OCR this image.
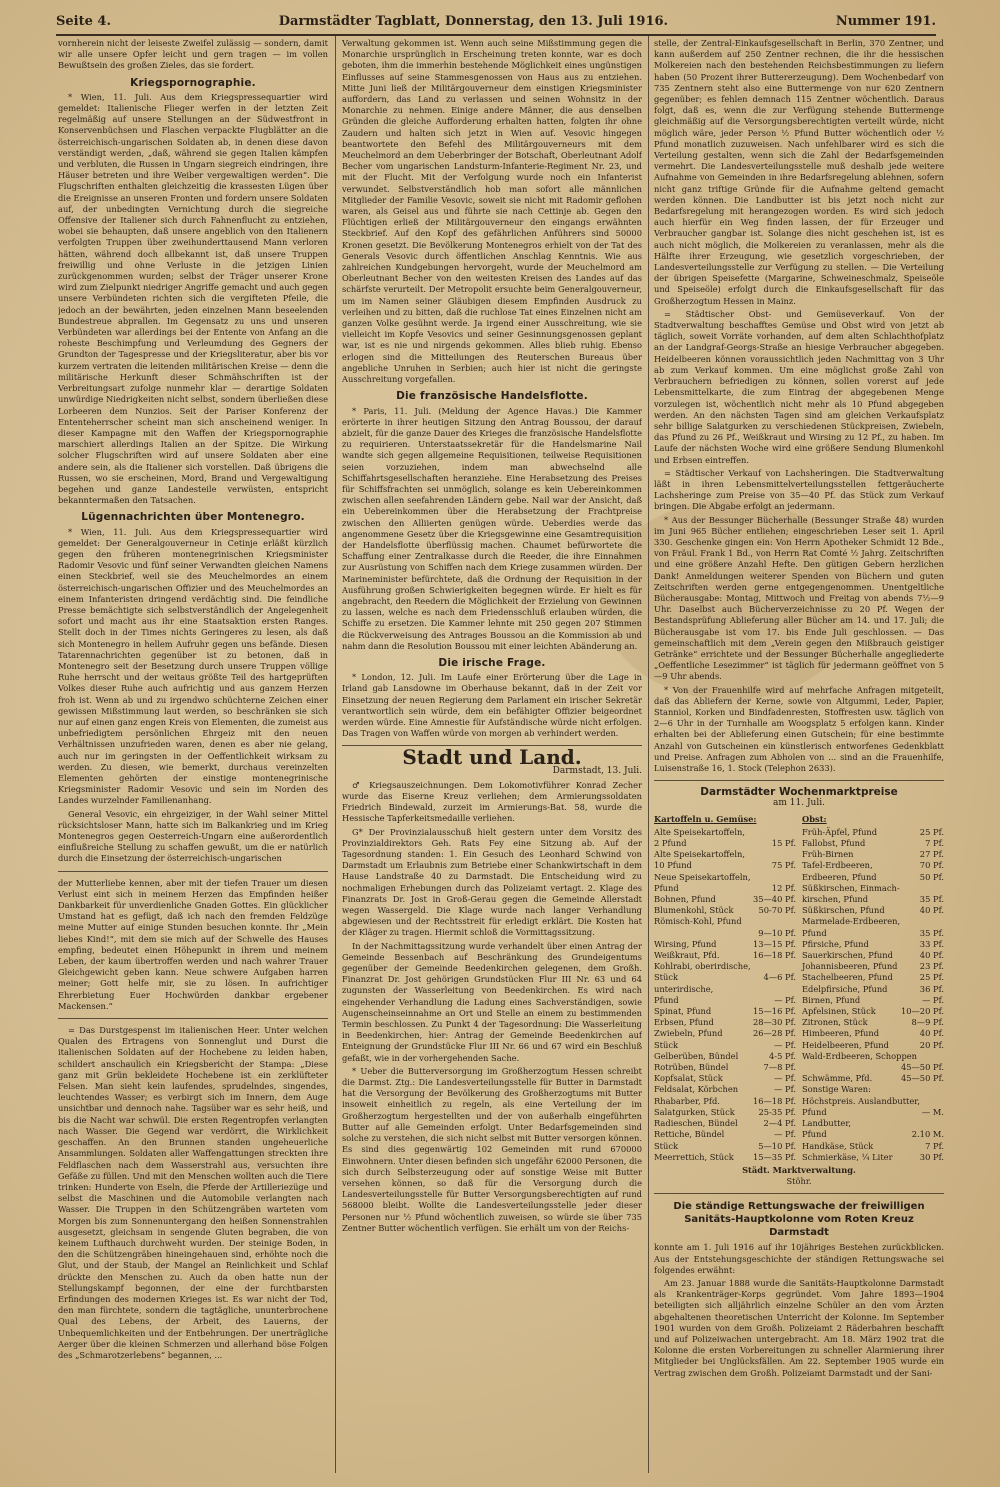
Seite 4.	Darmstädter Tagblatt, Donnerstag, den 13. Juli 1916.	Nummer 191.

vornherein nicht der leiseste Zweifel zulässig — sondern, damit wir alle unsere Opfer leicht und gern tragen — im vollen Bewußtsein des großen Zieles, das sie fordert.

Kriegspornographie.

* Wien, 11. Juli. Aus dem Kriegspressequartier wird gemeldet: Italienische Flieger werfen in der letzten Zeit regelmäßig auf unsere Stellungen an der Südwestfront in Konservenbüchsen und Flaschen verpackte Flugblätter an die österreichisch-ungarischen Soldaten ab, in denen diese davon verständigt werden, „daß, während sie gegen Italien kämpfen und verbluten, die Russen in Ungarn siegreich eindringen, ihre Häuser betreten und ihre Weiber vergewaltigen werden“. Die Flugschriften enthalten gleichzeitig die krassesten Lügen über die Ereignisse an unseren Fronten und fordern unsere Soldaten auf, der unbedingten Vernichtung durch die siegreiche Offensive der Italiener sich durch Fahnenflucht zu entziehen, wobei sie behaupten, daß unsere angeblich von den Italienern verfolgten Truppen über zweihunderttausend Mann verloren hätten, während doch allbekannt ist, daß unsere Truppen freiwillig und ohne Verluste in die jetzigen Linien zurückgenommen wurden; selbst der Träger unserer Krone wird zum Zielpunkt niedriger Angriffe gemacht und auch gegen unsere Verbündeten richten sich die vergifteten Pfeile, die jedoch an der bewährten, jeden einzelnen Mann beseelenden Bundestreue abprallen. Im Gegensatz zu uns und unseren Verbündeten war allerdings bei der Entente von Anfang an die roheste Beschimpfung und Verleumdung des Gegners der Grundton der Tagespresse und der Kriegsliteratur, aber bis vor kurzem vertraten die leitenden militärischen Kreise — denn die militärische Herkunft dieser Schmähschriften ist der Verbreitungsart zufolge nunmehr klar — derartige Soldaten unwürdige Niedrigkeiten nicht selbst, sondern überließen diese Lorbeeren dem Nunzios. Seit der Pariser Konferenz der Ententeherrscher scheint man sich anscheinend weniger. In dieser Kampagne mit den Waffen der Kriegspornographie marschiert allerdings Italien an der Spitze. Die Wirkung solcher Flugschriften wird auf unsere Soldaten aber eine andere sein, als die Italiener sich vorstellen. Daß übrigens die Russen, wo sie erscheinen, Mord, Brand und Vergewaltigung begehen und ganze Landesteile verwüsten, entspricht bekanntermaßen den Tatsachen.

Lügennachrichten über Montenegro.

* Wien, 11. Juli. Aus dem Kriegspressequartier wird gemeldet: Der Generalgouverneur in Cetinje erläßt kürzlich gegen den früheren montenegrinischen Kriegsminister Radomir Vesovic und fünf seiner Verwandten gleichen Namens einen Steckbrief, weil sie des Meuchelmordes an einem österreichisch-ungarischen Offizier und des Meuchelmordes an einem Infanteristen dringend verdächtig sind. Die feindliche Presse bemächtigte sich selbstverständlich der Angelegenheit sofort und macht aus ihr eine Staatsaktion ersten Ranges. Stellt doch in der Times nichts Geringeres zu lesen, als daß sich Montenegro in hellem Aufruhr gegen uns befände. Diesen Tatarennachrichten gegenüber ist zu betonen, daß in Montenegro seit der Besetzung durch unsere Truppen völlige Ruhe herrscht und der weitaus größte Teil des hartgeprüften Volkes dieser Ruhe auch aufrichtig und aus ganzem Herzen froh ist. Wenn ab und zu irgendwo schüchterne Zeichen einer gewissen Mißstimmung laut werden, so beschränken sie sich nur auf einen ganz engen Kreis von Elementen, die zumeist aus unbefriedigtem persönlichen Ehrgeiz mit den neuen Verhältnissen unzufrieden waren, denen es aber nie gelang, auch nur im geringsten in der Oeffentlichkeit wirksam zu werden. Zu diesen, wie bemerkt, durchaus vereinzelten Elementen gehörten der einstige montenegrinische Kriegsminister Radomir Vesovic und sein im Norden des Landes wurzelnder Familienanhang.

General Vesovic, ein ehrgeiziger, in der Wahl seiner Mittel rücksichtsloser Mann, hatte sich im Balkankrieg und im Krieg Montenegros gegen Oesterreich-Ungarn eine außerordentlich einflußreiche Stellung zu schaffen gewußt, um die er natürlich durch die Einsetzung der österreichisch-ungarischen

der Mutterliebe kennen, aber mit der tiefen Trauer um diesen Verlust eint sich in meinem Herzen das Empfinden heißer Dankbarkeit für unverdienliche Gnaden Gottes. Ein glücklicher Umstand hat es gefügt, daß ich nach den fremden Feldzüge meine Mutter auf einige Stunden besuchen konnte. Ihr „Mein liebes Kind!“, mit dem sie mich auf der Schwelle des Hauses empfing, bedeutet einen Höhepunkt in ihrem und meinem Leben, der kaum übertroffen werden und nach wahrer Trauer Gleichgewicht geben kann. Neue schwere Aufgaben harren meiner; Gott helfe mir, sie zu lösen. In aufrichtiger Ehrerbietung Euer Hochwürden dankbar ergebener Mackensen.“

= Das Durstgespenst im italienischen Heer. Unter welchen Qualen des Ertragens von Sonnenglut und Durst die italienischen Soldaten auf der Hochebene zu leiden haben, schildert anschaulich ein Kriegsbericht der Stampa: „Diese ganz mit Grün bekleidete Hochebene ist ein zerklüfteter Felsen. Man sieht kein laufendes, sprudelndes, singendes, leuchtendes Wasser; es verbirgt sich im Innern, dem Auge unsichtbar und dennoch nahe. Tagsüber war es sehr heiß, und bis die Nacht war schwül. Die ersten Regentropfen verlangten nach Wasser. Die Gegend war verdörrt, die Wirklichkeit geschaffen. An den Brunnen standen ungeheuerliche Ansammlungen. Soldaten aller Waffengattungen streckten ihre Feldflaschen nach dem Wasserstrahl aus, versuchten ihre Gefäße zu füllen. Und mit den Menschen wollten auch die Tiere trinken: Hunderte von Eseln, die Pferde der Artilleriezüge und selbst die Maschinen und die Automobile verlangten nach Wasser. Die Truppen in den Schützengräben warteten vom Morgen bis zum Sonnenuntergang den heißen Sonnenstrahlen ausgesetzt, gleichsam in sengende Gluten begraben, die von keinem Lufthauch durchweht wurden. Der steinige Boden, in den die Schützengräben hineingehauen sind, erhöhte noch die Glut, und der Staub, der Mangel an Reinlichkeit und Schlaf drückte den Menschen zu. Auch da oben hatte nun der Stellungskampf begonnen, der eine der furchtbarsten Erfindungen des modernen Krieges ist. Es war nicht der Tod, den man fürchtete, sondern die tagtägliche, ununterbrochene Qual des Lebens, der Arbeit, des Lauerns, der Unbequemlichkeiten und der Entbehrungen. Der unerträgliche Aerger über die kleinen Schmerzen und allerhand böse Folgen des „Schmarotzerlebens“ begannen, ...

Verwaltung gekommen ist. Wenn auch seine Mißstimmung gegen die Monarchie ursprünglich in Erscheinung treten konnte, war es doch geboten, ihm die immerhin bestehende Möglichkeit eines ungünstigen Einflusses auf seine Stammesgenossen von Haus aus zu entziehen. Mitte Juni ließ der Militärgouverneur dem einstigen Kriegsminister auffordern, das Land zu verlassen und seinen Wohnsitz in der Monarchie zu nehmen. Einige andere Männer, die aus denselben Gründen die gleiche Aufforderung erhalten hatten, folgten ihr ohne Zaudern und halten sich jetzt in Wien auf. Vesovic hingegen beantwortete den Befehl des Militärgouverneurs mit dem Meuchelmord an dem Ueberbringer der Botschaft, Oberleutnant Adolf Becher vom ungarischen Landsturm-Infanterie-Regiment Nr. 23, und mit der Flucht. Mit der Verfolgung wurde noch ein Infanterist verwundet. Selbstverständlich hob man sofort alle männlichen Mitglieder der Familie Vesovic, soweit sie nicht mit Radomir geflohen waren, als Geisel aus und führte sie nach Cettinje ab. Gegen den Flüchtigen erließ der Militärgouverneur den eingangs erwähnten Steckbrief. Auf den Kopf des gefährlichen Anführers sind 50000 Kronen gesetzt. Die Bevölkerung Montenegros erhielt von der Tat des Generals Vesovic durch öffentlichen Anschlag Kenntnis. Wie aus zahlreichen Kundgebungen hervorgeht, wurde der Meuchelmord am Oberleutnant Becher von den weitesten Kreisen des Landes auf das schärfste verurteilt. Der Metropolit ersuchte beim Generalgouverneur, um im Namen seiner Gläubigen diesem Empfinden Ausdruck zu verleihen und zu bitten, daß die ruchlose Tat eines Einzelnen nicht am ganzen Volke gesühnt werde. Ja irgend einer Ausschreitung, wie sie vielleicht im Kopfe Vesovics und seiner Gesinnungsgenossen geplant war, ist es nie und nirgends gekommen. Alles blieb ruhig. Ebenso erlogen sind die Mitteilungen des Reuterschen Bureaus über angebliche Unruhen in Serbien; auch hier ist nicht die geringste Ausschreitung vorgefallen.

Die französische Handelsflotte.

* Paris, 11. Juli. (Meldung der Agence Havas.) Die Kammer erörterte in ihrer heutigen Sitzung den Antrag Boussou, der darauf abzielt, für die ganze Dauer des Krieges die französische Handelsflotte zu requirieren. Unterstaatssekretär für die Handelsmarine Nail wandte sich gegen allgemeine Requisitionen, teilweise Requisitionen seien vorzuziehen, indem man abwechselnd alle Schiffahrtsgesellschaften heranziehe. Eine Herabsetzung des Preises für Schiffsfrachten sei unmöglich, solange es kein Uebereinkommen zwischen allen seefahrenden Ländern gebe. Nail war der Ansicht, daß ein Uebereinkommen über die Herabsetzung der Frachtpreise zwischen den Alliierten genügen würde. Ueberdies werde das angenommene Gesetz über die Kriegsgewinne eine Gesamtrequisition der Handelsflotte überflüssig machen. Chaumet befürwortete die Schaffung einer Zentralkasse durch die Reeder, die ihre Einnahmen zur Ausrüstung von Schiffen nach dem Kriege zusammen würden. Der Marineminister befürchtete, daß die Ordnung der Requisition in der Ausführung großen Schwierigkeiten begegnen würde. Er hielt es für angebracht, den Reedern die Möglichkeit der Erzielung von Gewinnen zu lassen, welche es nach dem Friedensschluß erlauben würden, die Schiffe zu ersetzen. Die Kammer lehnte mit 250 gegen 207 Stimmen die Rückverweisung des Antrages Boussou an die Kommission ab und nahm dann die Resolution Boussou mit einer leichten Abänderung an.

Die irische Frage.

* London, 12. Juli. Im Laufe einer Erörterung über die Lage in Irland gab Lansdowne im Oberhause bekannt, daß in der Zeit vor Einsetzung der neuen Regierung dem Parlament ein irischer Sekretär verantwortlich sein würde, dem ein befähigter Offizier beigeordnet werden würde. Eine Amnestie für Aufständische würde nicht erfolgen. Das Tragen von Waffen würde von morgen ab verhindert werden.

Stadt und Land.
Darmstadt, 13. Juli.

♂ Kriegsauszeichnungen. Dem Lokomotivführer Konrad Zecher wurde das Eiserne Kreuz verliehen; dem Armierungssoldaten Friedrich Bindewald, zurzeit im Armierungs-Bat. 58, wurde die Hessische Tapferkeitsmedaille verliehen.

G* Der Provinzialausschuß hielt gestern unter dem Vorsitz des Provinzialdirektors Geh. Rats Fey eine Sitzung ab. Auf der Tagesordnung standen: 1. Ein Gesuch des Leonhard Schwind von Darmstadt um Erlaubnis zum Betriebe einer Schankwirtschaft in dem Hause Landstraße 40 zu Darmstadt. Die Entscheidung wird zu nochmaligen Erhebungen durch das Polizeiamt vertagt. 2. Klage des Finanzrats Dr. Jost in Groß-Gerau gegen die Gemeinde Allerstadt wegen Wassergeld. Die Klage wurde nach langer Verhandlung abgewiesen und der Rechtsstreit für erledigt erklärt. Die Kosten hat der Kläger zu tragen. Hiermit schloß die Vormittagssitzung.

In der Nachmittagssitzung wurde verhandelt über einen Antrag der Gemeinde Bessenbach auf Beschränkung des Grundeigentums gegenüber der Gemeinde Beedenkirchen gelegenen, dem Großh. Finanzrat Dr. Jost gehörigen Grundstücken Flur III Nr. 63 und 64 zugunsten der Wasserleitung von Beedenkirchen. Es wird nach eingehender Verhandlung die Ladung eines Sachverständigen, sowie Augenscheinseinnahme an Ort und Stelle an einem zu bestimmenden Termin beschlossen. Zu Punkt 4 der Tagesordnung: Die Wasserleitung in Beedenkirchen, hier: Antrag der Gemeinde Beedenkirchen auf Enteignung der Grundstücke Flur III Nr. 66 und 67 wird ein Beschluß gefaßt, wie in der vorhergehenden Sache.

* Ueber die Butterversorgung im Großherzogtum Hessen schreibt die Darmst. Ztg.: Die Landesverteilungsstelle für Butter in Darmstadt hat die Versorgung der Bevölkerung des Großherzogtums mit Butter insoweit einheitlich zu regeln, als eine Verteilung der im Großherzogtum hergestellten und der von außerhalb eingeführten Butter auf alle Gemeinden erfolgt. Unter Bedarfsgemeinden sind solche zu verstehen, die sich nicht selbst mit Butter versorgen können. Es sind dies gegenwärtig 102 Gemeinden mit rund 670000 Einwohnern. Unter diesen befinden sich ungefähr 62000 Personen, die sich durch Selbsterzeugung oder auf sonstige Weise mit Butter versehen können, so daß für die Versorgung durch die Landesverteilungsstelle für Butter Versorgungsberechtigten auf rund 568000 bleibt. Wollte die Landesverteilungsstelle jeder dieser Personen nur ½ Pfund wöchentlich zuweisen, so würde sie über 735 Zentner Butter wöchentlich verfügen. Sie erhält um von der Reichs-

stelle, der Zentral-Einkaufsgesellschaft in Berlin, 370 Zentner, und kann außerdem auf 250 Zentner rechnen, die ihr die hessischen Molkereien nach den bestehenden Reichsbestimmungen zu liefern haben (50 Prozent ihrer Buttererzeugung). Dem Wochenbedarf von 735 Zentnern steht also eine Buttermenge von nur 620 Zentnern gegenüber; es fehlen demnach 115 Zentner wöchentlich. Daraus folgt, daß es, wenn die zur Verfügung stehende Buttermenge gleichmäßig auf die Versorgungsberechtigten verteilt würde, nicht möglich wäre, jeder Person ½ Pfund Butter wöchentlich oder ½ Pfund monatlich zuzuweisen. Nach unfehlbarer wird es sich die Verteilung gestalten, wenn sich die Zahl der Bedarfsgemeinden vermehrt. Die Landesverteilungsstelle muß deshalb jede weitere Aufnahme von Gemeinden in ihre Bedarfsregelung ablehnen, sofern nicht ganz triftige Gründe für die Aufnahme geltend gemacht werden können. Die Landbutter ist bis jetzt noch nicht zur Bedarfsregelung mit herangezogen worden. Es wird sich jedoch auch hierfür ein Weg finden lassen, der für Erzeuger und Verbraucher gangbar ist. Solange dies nicht geschehen ist, ist es auch nicht möglich, die Molkereien zu veranlassen, mehr als die Hälfte ihrer Erzeugung, wie gesetzlich vorgeschrieben, der Landesverteilungsstelle zur Verfügung zu stellen. — Die Verteilung der übrigen Speisefette (Margarine, Schweineschmalz, Speiseöle und Speiseöle) erfolgt durch die Einkaufsgesellschaft für das Großherzogtum Hessen in Mainz.

= Städtischer Obst- und Gemüseverkauf. Von der Stadtverwaltung beschafftes Gemüse und Obst wird von jetzt ab täglich, soweit Vorräte vorhanden, auf dem alten Schlachthofplatz an der Landgraf-Georgs-Straße an hiesige Verbraucher abgegeben. Heidelbeeren können voraussichtlich jeden Nachmittag von 3 Uhr ab zum Verkauf kommen. Um eine möglichst große Zahl von Verbrauchern befriedigen zu können, sollen vorerst auf jede Lebensmittelkarte, die zum Eintrag der abgegebenen Menge vorzulegen ist, wöchentlich nicht mehr als 10 Pfund abgegeben werden. An den nächsten Tagen sind am gleichen Verkaufsplatz sehr billige Salatgurken zu verschiedenen Stückpreisen, Zwiebeln, das Pfund zu 26 Pf., Weißkraut und Wirsing zu 12 Pf., zu haben. Im Laufe der nächsten Woche wird eine größere Sendung Blumenkohl und Erbsen eintreffen.

= Städtischer Verkauf von Lachsheringen. Die Stadtverwaltung läßt in ihren Lebensmittelverteilungsstellen fettgeräucherte Lachsheringe zum Preise von 35—40 Pf. das Stück zum Verkauf bringen. Die Abgabe erfolgt an jedermann.

* Aus der Bessunger Bücherhalle (Bessunger Straße 48) wurden im Juni 965 Bücher entliehen; eingeschrieben Leser seit 1. April 330. Geschenke gingen ein: Von Herrn Apotheker Schmidt 12 Bde., von Fräul. Frank 1 Bd., von Herrn Rat Comté ½ Jahrg. Zeitschriften und eine größere Anzahl Hefte. Den gütigen Gebern herzlichen Dank! Anmeldungen weiterer Spenden von Büchern und guten Zeitschriften werden gerne entgegengenommen. Unentgeltliche Bücherausgabe: Montag, Mittwoch und Freitag von abends 7½—9 Uhr. Daselbst auch Bücherverzeichnisse zu 20 Pf. Wegen der Bestandsprüfung Ablieferung aller Bücher am 14. und 17. Juli; die Bücherausgabe ist vom 17. bis Ende Juli geschlossen. — Das gemeinschaftlich mit dem „Verein gegen den Mißbrauch geistiger Getränke“ errichtete und der Bessunger Bücherhalle angegliederte „Oeffentliche Lesezimmer“ ist täglich für jedermann geöffnet von 5—9 Uhr abends.

* Von der Frauenhilfe wird auf mehrfache Anfragen mitgeteilt, daß das Abliefern der Kerne, sowie von Altgummi, Leder, Papier, Stanniol, Korken und Bindfadenresten, Stoffresten usw. täglich von 2—6 Uhr in der Turnhalle am Woogsplatz 5 erfolgen kann. Kinder erhalten bei der Ablieferung einen Gutschein; für eine bestimmte Anzahl von Gutscheinen ein künstlerisch entworfenes Gedenkblatt und Preise. Anfragen zum Abholen von ... sind an die Frauenhilfe, Luisenstraße 16, 1. Stock (Telephon 2633).

Darmstädter Wochenmarktpreise
am 11. Juli.
Kartoffeln u. Gemüse:
Alte Speisekartoffeln,
2 Pfund	15 Pf.
Alte Speisekartoffeln,
10 Pfund	75 Pf.
Neue Speisekartoffeln,
Pfund	12 Pf.
Bohnen, Pfund	35—40 Pf.
Blumenkohl, Stück	50-70 Pf.
Römisch-Kohl, Pfund
9—10 Pf.
Wirsing, Pfund	13—15 Pf.
Weißkraut, Pfd.	16—18 Pf.
Kohlrabi, oberirdische,
Stück	4—6 Pf.
unterirdische,
Pfund	— Pf.
Spinat, Pfund	15—16 Pf.
Erbsen, Pfund	28—30 Pf.
Zwiebeln, Pfund	26—28 Pf.
Stück	— Pf.
Gelberüben, Bündel	4-5 Pf.
Rotrüben, Bündel	7—8 Pf.
Kopfsalat, Stück	— Pf.
Feldsalat, Körbchen	— Pf.
Rhabarber, Pfd.	16—18 Pf.
Salatgurken, Stück	25-35 Pf.
Radieschen, Bündel	2—4 Pf.
Rettiche, Bündel	— Pf.
Stück	5—10 Pf.
Meerrettich, Stück 15—35 Pf.
Obst:
Früh-Äpfel, Pfund	25 Pf.
Fallobst, Pfund	7 Pf.
Früh-Birnen	27 Pf.
Tafel-Erdbeeren,	70 Pf.
Erdbeeren, Pfund	50 Pf.
Süßkirschen, Einmach-
kirschen, Pfund	35 Pf.
Süßkirschen, Pfund	40 Pf.
Marmelade-Erdbeeren,
Pfund	35 Pf.
Pfirsiche, Pfund	33 Pf.
Sauerkirschen, Pfund	40 Pf.
Johannisbeeren, Pfund	23 Pf.
Stachelbeeren, Pfund	25 Pf.
Edelpfirsiche, Pfund	36 Pf.
Birnen, Pfund	— Pf.
Apfelsinen, Stück	10—20 Pf.
Zitronen, Stück	8—9 Pf.
Himbeeren, Pfund	40 Pf.
Heidelbeeren, Pfund	20 Pf.
Wald-Erdbeeren, Schoppen
45—50 Pf.
Schwämme, Pfd.	45—50 Pf.
Sonstige Waren:
Höchstpreis. Auslandbutter,
Pfund	— M.
Landbutter,
Pfund	2.10 M.
Handkäse, Stück	7 Pf.
Schmierkäse, ¼ Liter	30 Pf.
Städt. Marktverwaltung.
Stöhr.
Die ständige Rettungswache der freiwilligen Sanitäts-Hauptkolonne vom Roten Kreuz Darmstadt

konnte am 1. Juli 1916 auf ihr 10jähriges Bestehen zurückblicken. Aus der Entstehungsgeschichte der ständigen Rettungswache sei folgendes erwähnt:

Am 23. Januar 1888 wurde die Sanitäts-Hauptkolonne Darmstadt als Krankenträger-Korps gegründet. Vom Jahre 1893—1904 beteiligten sich alljährlich einzelne Schüler an den vom Ärzten abgehaltenen theoretischen Unterricht der Kolonne. Im September 1901 wurden von dem Großh. Polizeiamt 2 Räderbahren beschafft und auf Polizeiwachen untergebracht. Am 18. März 1902 trat die Kolonne die ersten Vorbereitungen zu schneller Alarmierung ihrer Mitglieder bei Unglücksfällen. Am 22. September 1905 wurde ein Vertrag zwischen dem Großh. Polizeiamt Darmstadt und der Sani-
